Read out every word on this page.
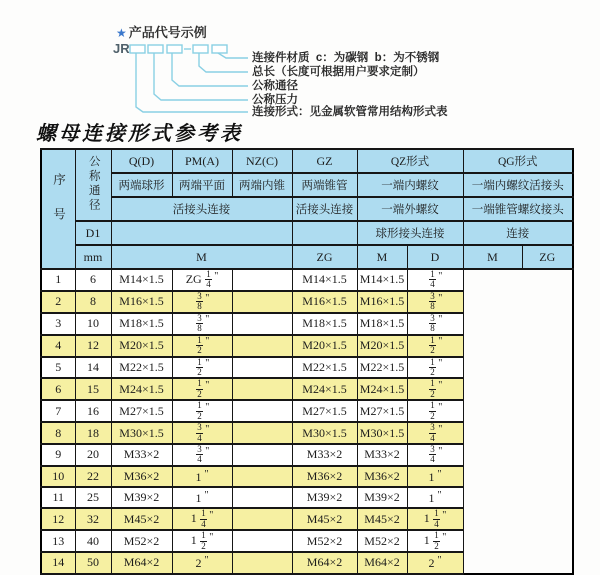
★ 产品代号示例
JR
连接件材质  c：为碳钢  b：为不锈钢
总长（长度可根据用户要求定制）
公称通径
公称压力
连接形式：见金属软管常用结构形式表
螺母连接形式参考表
序号	公称通径	Q(D)	PM(A)	NZ(C)	GZ	QZ形式		QG形式	
		两端球形	两端平面	两端内锥	两端锥管	一端内螺纹		一端内螺纹活接头	
		活接头连接			活接头连接	一端外螺纹		一端锥管螺纹接头	
	D1					球形接头连接		连接	
	mm	M			ZG	M	D	M	ZG
1	6	M14×1.5	ZG $\frac{1}{4} ^"$		M14×1.5	M14×1.5	$\frac{1}{4} ^"$
2	8	M16×1.5	$\frac{3}{8} ^"$		M16×1.5	M16×1.5	$\frac{3}{8} ^"$
3	10	M18×1.5	$\frac{3}{8} ^"$		M18×1.5	M18×1.5	$\frac{3}{8} ^"$
4	12	M20×1.5	$\frac{1}{2} ^"$		M20×1.5	M20×1.5	$\frac{1}{2} ^"$
5	14	M22×1.5	$\frac{1}{2} ^"$		M22×1.5	M22×1.5	$\frac{1}{2} ^"$
6	15	M24×1.5	$\frac{1}{2} ^"$		M24×1.5	M24×1.5	$\frac{1}{2} ^"$
7	16	M27×1.5	$\frac{1}{2} ^"$		M27×1.5	M27×1.5	$\frac{1}{2} ^"$
8	18	M30×1.5	$\frac{3}{4} ^"$		M30×1.5	M30×1.5	$\frac{3}{4} ^"$
9	20	M33×2	$\frac{3}{4} ^"$		M33×2	M33×2	$\frac{3}{4} ^"$
10	22	M36×2	1 "		M36×2	M36×2	1 "
11	25	M39×2	1 "		M39×2	M39×2	1 "
12	32	M45×2	$1 \frac{1}{4} ^"$		M45×2	M45×2	$1 \frac{1}{4} ^"$
13	40	M52×2	$1 \frac{1}{2} ^"$		M52×2	M52×2	$1 \frac{1}{2} ^"$
14	50	M64×2	2 "		M64×2	M64×2	2 "
